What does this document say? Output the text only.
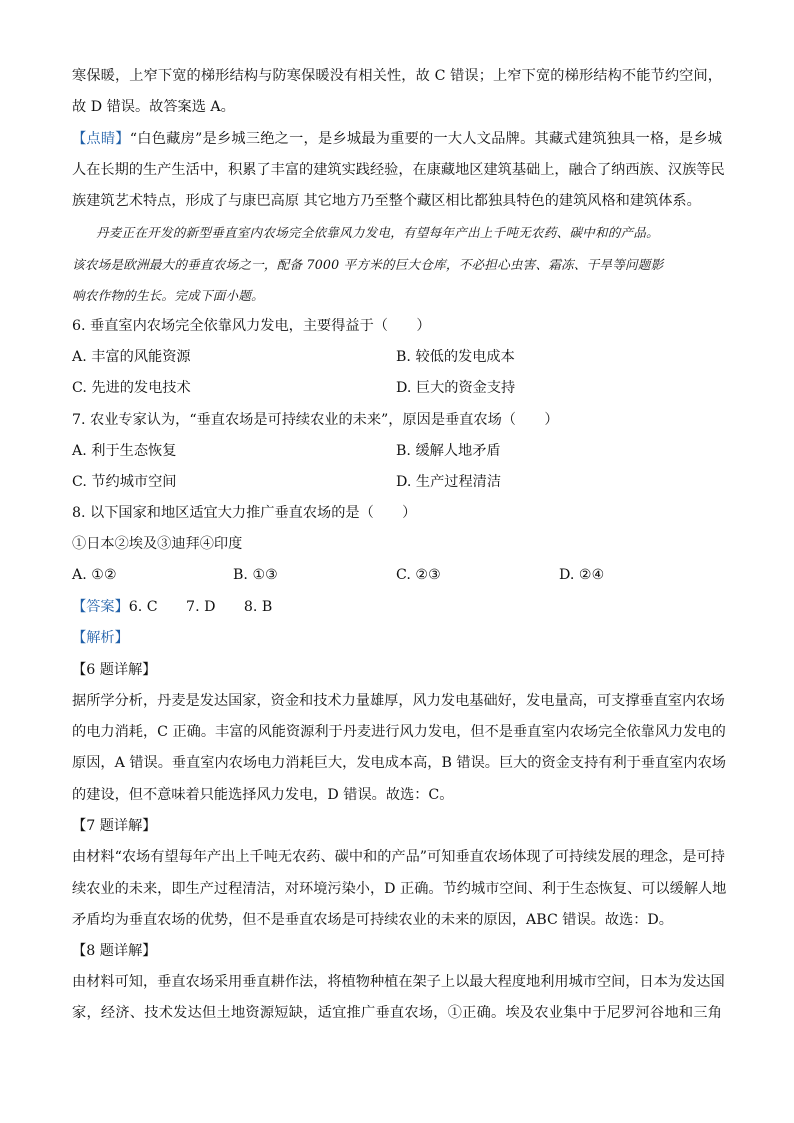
寒保暖，上窄下宽的梯形结构与防寒保暖没有相关性，故 C 错误；上窄下宽的梯形结构不能节约空间，
故 D 错误。故答案选 A。
【点睛】“白色藏房”是乡城三绝之一，是乡城最为重要的一大人文品牌。其藏式建筑独具一格，是乡城
人在长期的生产生活中，积累了丰富的建筑实践经验，在康藏地区建筑基础上，融合了纳西族、汉族等民
族建筑艺术特点，形成了与康巴高原 其它地方乃至整个藏区相比都独具特色的建筑风格和建筑体系。
丹麦正在开发的新型垂直室内农场完全依靠风力发电，有望每年产出上千吨无农药、碳中和的产品。
该农场是欧洲最大的垂直农场之一，配备 7000 平方米的巨大仓库，不必担心虫害、霜冻、干旱等问题影
响农作物的生长。完成下面小题。
6. 垂直室内农场完全依靠风力发电，主要得益于（　　）
A. 丰富的风能资源	B. 较低的发电成本
C. 先进的发电技术	D. 巨大的资金支持
7. 农业专家认为，“垂直农场是可持续农业的未来”，原因是垂直农场（　　）
A. 利于生态恢复	B. 缓解人地矛盾
C. 节约城市空间	D. 生产过程清洁
8. 以下国家和地区适宜大力推广垂直农场的是（　　）
①日本②埃及③迪拜④印度
A. ①②	B. ①③	C. ②③	D. ②④
【答案】6. C　　7. D　　8. B
【解析】
【6 题详解】
据所学分析，丹麦是发达国家，资金和技术力量雄厚，风力发电基础好，发电量高，可支撑垂直室内农场
的电力消耗，C 正确。丰富的风能资源利于丹麦进行风力发电，但不是垂直室内农场完全依靠风力发电的
原因，A 错误。垂直室内农场电力消耗巨大，发电成本高，B 错误。巨大的资金支持有利于垂直室内农场
的建设，但不意味着只能选择风力发电，D 错误。故选：C。
【7 题详解】
由材料“农场有望每年产出上千吨无农药、碳中和的产品”可知垂直农场体现了可持续发展的理念，是可持
续农业的未来，即生产过程清洁，对环境污染小，D 正确。节约城市空间、利于生态恢复、可以缓解人地
矛盾均为垂直农场的优势，但不是垂直农场是可持续农业的未来的原因，ABC 错误。故选：D。
【8 题详解】
由材料可知，垂直农场采用垂直耕作法，将植物种植在架子上以最大程度地利用城市空间，日本为发达国
家，经济、技术发达但土地资源短缺，适宜推广垂直农场，①正确。埃及农业集中于尼罗河谷地和三角
